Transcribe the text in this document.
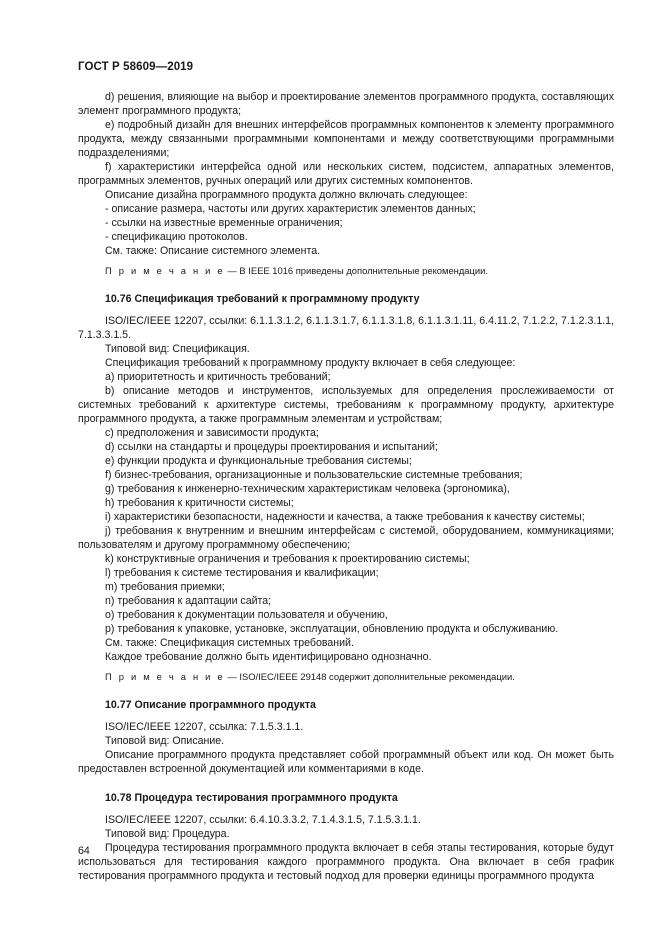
ГОСТ Р 58609—2019

d) решения, влияющие на выбор и проектирование элементов программного продукта, составляющих элемент программного продукта;

e) подробный дизайн для внешних интерфейсов программных компонентов к элементу программного продукта, между связанными программными компонентами и между соответствующими программными подразделениями;

f) характеристики интерфейса одной или нескольких систем, подсистем, аппаратных элементов, программных элементов, ручных операций или других системных компонентов.

Описание дизайна программного продукта должно включать следующее:

- описание размера, частоты или других характеристик элементов данных;

- ссылки на известные временные ограничения;

- спецификацию протоколов.

См. также: Описание системного элемента.

П р и м е ч а н и е — В IEEE 1016 приведены дополнительные рекомендации.

10.76 Спецификация требований к программному продукту

ISO/IEC/IEEE 12207, ссылки: 6.1.1.3.1.2, 6.1.1.3.1.7, 6.1.1.3.1.8, 6.1.1.3.1.11, 6.4.11.2, 7.1.2.2, 7.1.2.3.1.1, 7.1.3.3.1.5.

Типовой вид: Спецификация.

Спецификация требований к программному продукту включает в себя следующее:

a) приоритетность и критичность требований;

b) описание методов и инструментов, используемых для определения прослеживаемости от системных требований к архитектуре системы, требованиям к программному продукту, архитектуре программного продукта, а также программным элементам и устройствам;

c) предположения и зависимости продукта;

d) ссылки на стандарты и процедуры проектирования и испытаний;

e) функции продукта и функциональные требования системы;

f) бизнес-требования, организационные и пользовательские системные требования;

g) требования к инженерно-техническим характеристикам человека (эргономика),

h) требования к критичности системы;

i) характеристики безопасности, надежности и качества, а также требования к качеству системы;

j) требования к внутренним и внешним интерфейсам с системой, оборудованием, коммуникациями; пользователям и другому программному обеспечению;

k) конструктивные ограничения и требования к проектированию системы;

l) требования к системе тестирования и квалификации;

m) требования приемки;

n) требования к адаптации сайта;

o) требования к документации пользователя и обучению,

p) требования к упаковке, установке, эксплуатации, обновлению продукта и обслуживанию.

См. также: Спецификация системных требований.

Каждое требование должно быть идентифицировано однозначно.

П р и м е ч а н и е — ISO/IEC/IEEE 29148 содержит дополнительные рекомендации.

10.77 Описание программного продукта

ISO/IEC/IEEE 12207, ссылка: 7.1.5.3.1.1.

Типовой вид: Описание.

Описание программного продукта представляет собой программный объект или код. Он может быть предоставлен встроенной документацией или комментариями в коде.

10.78 Процедура тестирования программного продукта

ISO/IEC/IEEE 12207, ссылки: 6.4.10.3.3.2, 7.1.4.3.1.5, 7.1.5.3.1.1.

Типовой вид: Процедура.

Процедура тестирования программного продукта включает в себя этапы тестирования, которые будут использоваться для тестирования каждого программного продукта. Она включает в себя график тестирования программного продукта и тестовый подход для проверки единицы программного продукта

64
